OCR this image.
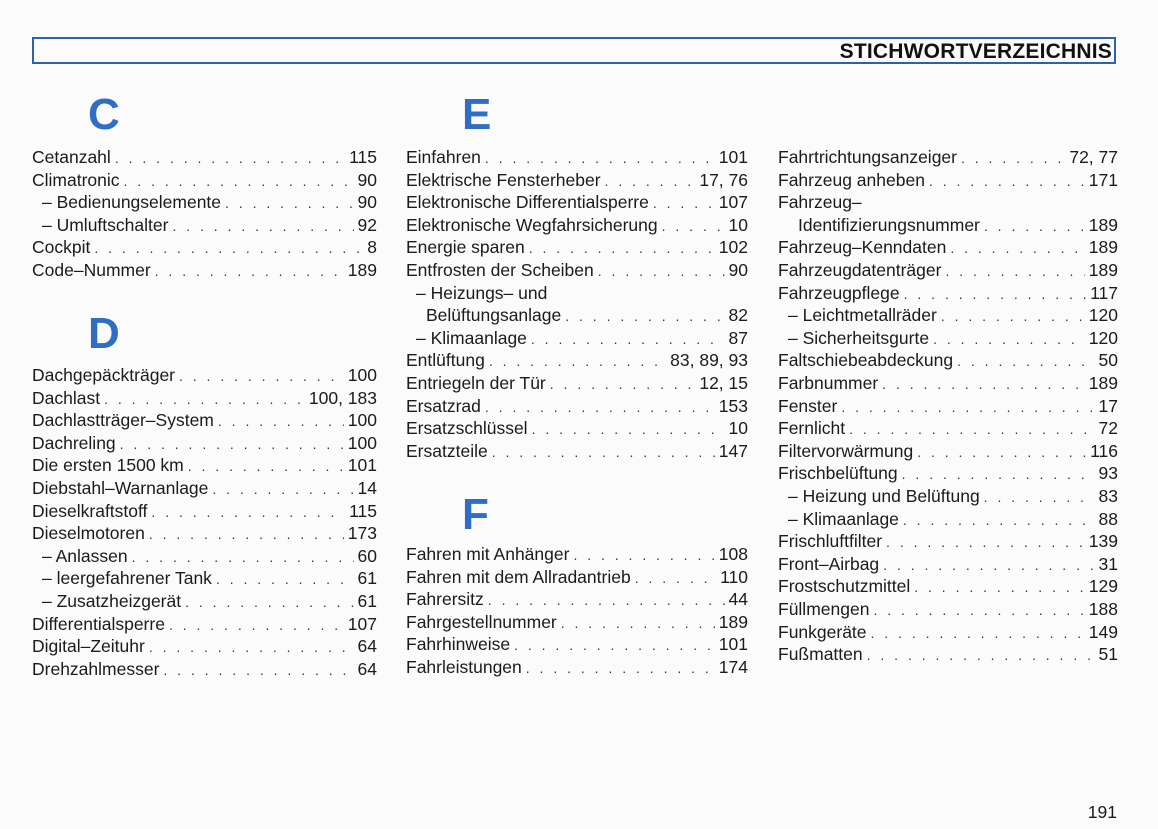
STICHWORTVERZEICHNIS
C
D
E
F
Cetanzahl . . .	115
Climatronic . . .	90
– Bedienungselemente . . .	90
– Umluftschalter . . .	92
Cockpit . . .	8
Code–Nummer . . .	189
Dachgepäckträger . . .	100
Dachlast . . .	100, 183
Dachlastträger–System . . .	100
Dachreling . . .	100
Die ersten 1500 km . . .	101
Diebstahl–Warnanlage . . .	14
Dieselkraftstoff . . .	115
Dieselmotoren . . .	173
– Anlassen . . .	60
– leergefahrener Tank . . .	61
– Zusatzheizgerät . . .	61
Differentialsperre . . .	107
Digital–Zeituhr . . .	64
Drehzahlmesser . . .	64
Einfahren . . .	101
Elektrische Fensterheber . . .	17, 76
Elektronische Differentialsperre . . .	107
Elektronische Wegfahrsicherung . . .	10
Energie sparen . . .	102
Entfrosten der Scheiben . . .	90
– Heizungs– und
Belüftungsanlage . . .	82
– Klimaanlage . . .	87
Entlüftung . . .	83, 89, 93
Entriegeln der Tür . . .	12, 15
Ersatzrad . . .	153
Ersatzschlüssel . . .	10
Ersatzteile . . .	147
Fahren mit Anhänger . . .	108
Fahren mit dem Allradantrieb . . .	110
Fahrersitz . . .	44
Fahrgestellnummer . . .	189
Fahrhinweise . . .	101
Fahrleistungen . . .	174
Fahrtrichtungsanzeiger . . .	72, 77
Fahrzeug anheben . . .	171
Fahrzeug–
Identifizierungsnummer . . .	189
Fahrzeug–Kenndaten . . .	189
Fahrzeugdatenträger . . .	189
Fahrzeugpflege . . .	117
– Leichtmetallräder . . .	120
– Sicherheitsgurte . . .	120
Faltschiebeabdeckung . . .	50
Farbnummer . . .	189
Fenster . . .	17
Fernlicht . . .	72
Filtervorwärmung . . .	116
Frischbelüftung . . .	93
– Heizung und Belüftung . . .	83
– Klimaanlage . . .	88
Frischluftfilter . . .	139
Front–Airbag . . .	31
Frostschutzmittel . . .	129
Füllmengen . . .	188
Funkgeräte . . .	149
Fußmatten . . .	51
191
